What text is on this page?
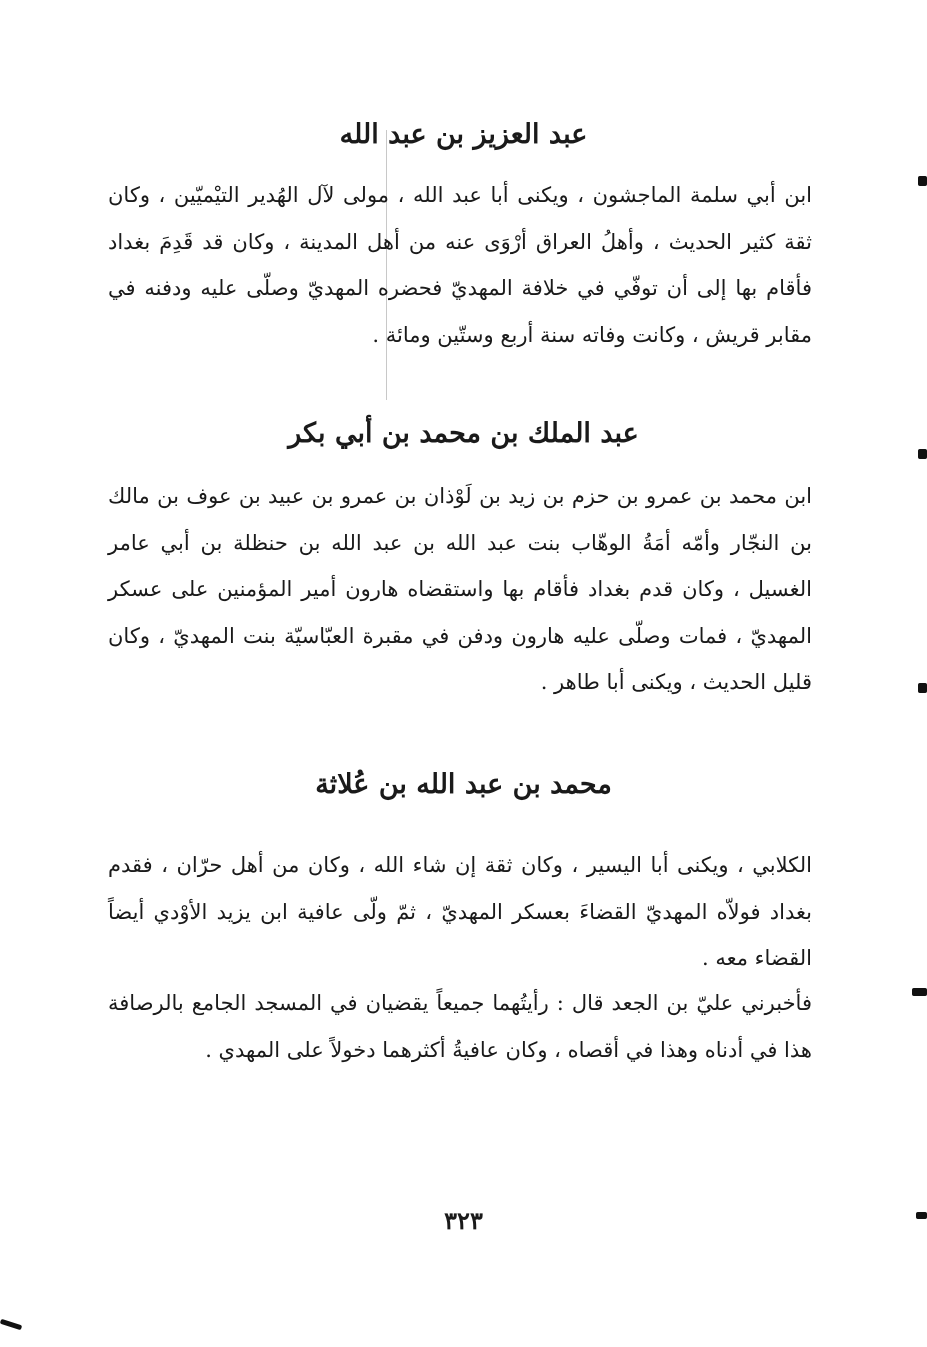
عبد العزيز بن عبد الله

ابن أبي سلمة الماجشون ، ويكنى أبا عبد الله ، مولى لآل الهُدير التيْميّين ، وكان ثقة كثير الحديث ، وأهلُ العراق أرْوَى عنه من أهل المدينة ، وكان قد قَدِمَ بغداد فأقام بها إلى أن توفّي في خلافة المهديّ فحضره المهديّ وصلّى عليه ودفنه في مقابر قريش ، وكانت وفاته سنة أربع وستّين ومائة .

عبد الملك بن محمد بن أبي بكر

ابن محمد بن عمرو بن حزم بن زيد بن لَوْذان بن عمرو بن عبيد بن عوف بن مالك بن النجّار وأمّه أمَةُ الوهّاب بنت عبد الله بن عبد الله بن حنظلة بن أبي عامر الغسيل ، وكان قدم بغداد فأقام بها واستقضاه هارون أمير المؤمنين على عسكر المهديّ ، فمات وصلّى عليه هارون ودفن في مقبرة العبّاسيّة بنت المهديّ ، وكان قليل الحديث ، ويكنى أبا طاهر .

محمد بن عبد الله بن عُلاثة

الكلابي ، ويكنى أبا اليسير ، وكان ثقة إن شاء الله ، وكان من أهل حرّان ، فقدم بغداد فولاّه المهديّ القضاءَ بعسكر المهديّ ، ثمّ ولّى عافية ابن يزيد الأوْدي أيضاً القضاء معه .

فأخبرني عليّ بن الجعد قال : رأيتُهما جميعاً يقضيان في المسجد الجامع بالرصافة هذا في أدناه وهذا في أقصاه ، وكان عافيةُ أكثرهما دخولاً على المهدي .

٣٢٣
